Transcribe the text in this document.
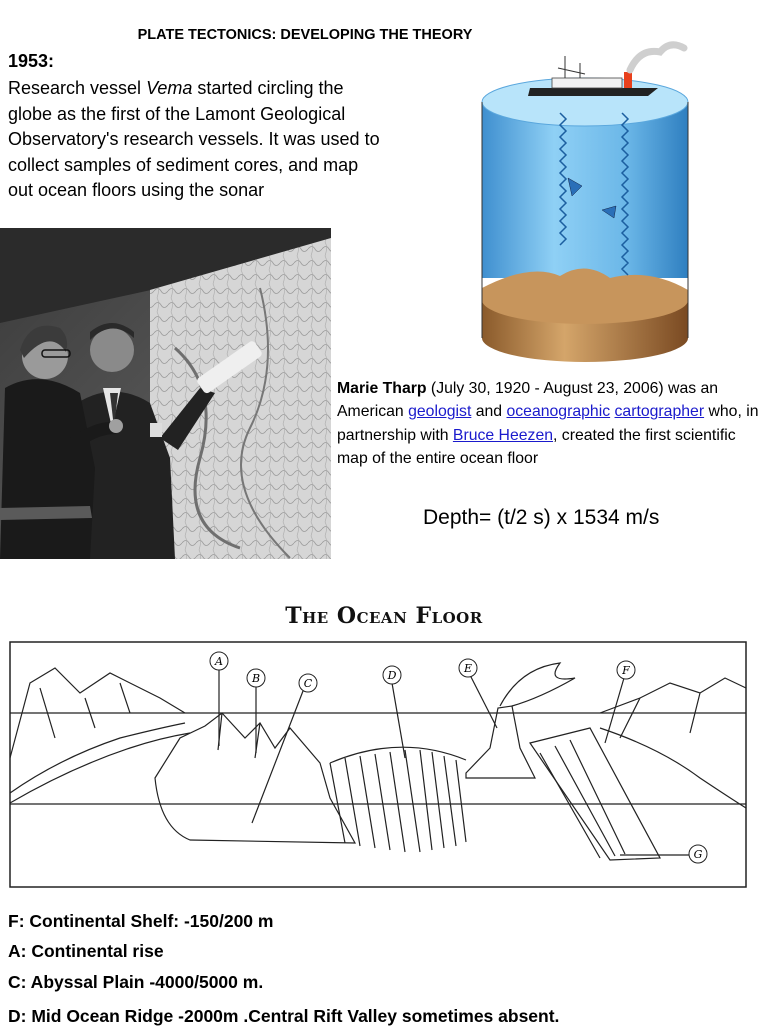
PLATE TECTONICS: DEVELOPING THE THEORY
1953:
Research vessel Vema started circling the globe as the first of the Lamont Geological Observatory's research vessels. It was used to collect samples of sediment cores, and map out ocean floors using the sonar
Marie Tharp (July 30, 1920 - August 23, 2006) was an American geologist and oceanographic cartographer who, in partnership with Bruce Heezen, created the first scientific map of the entire ocean floor
Depth= (t/2 s) x 1534 m/s
The Ocean Floor
A
B	C
D
E	F
G
F: Continental Shelf: -150/200 m
A: Continental rise
C: Abyssal Plain -4000/5000 m.
D: Mid Ocean Ridge -2000m .Central Rift Valley sometimes absent.
